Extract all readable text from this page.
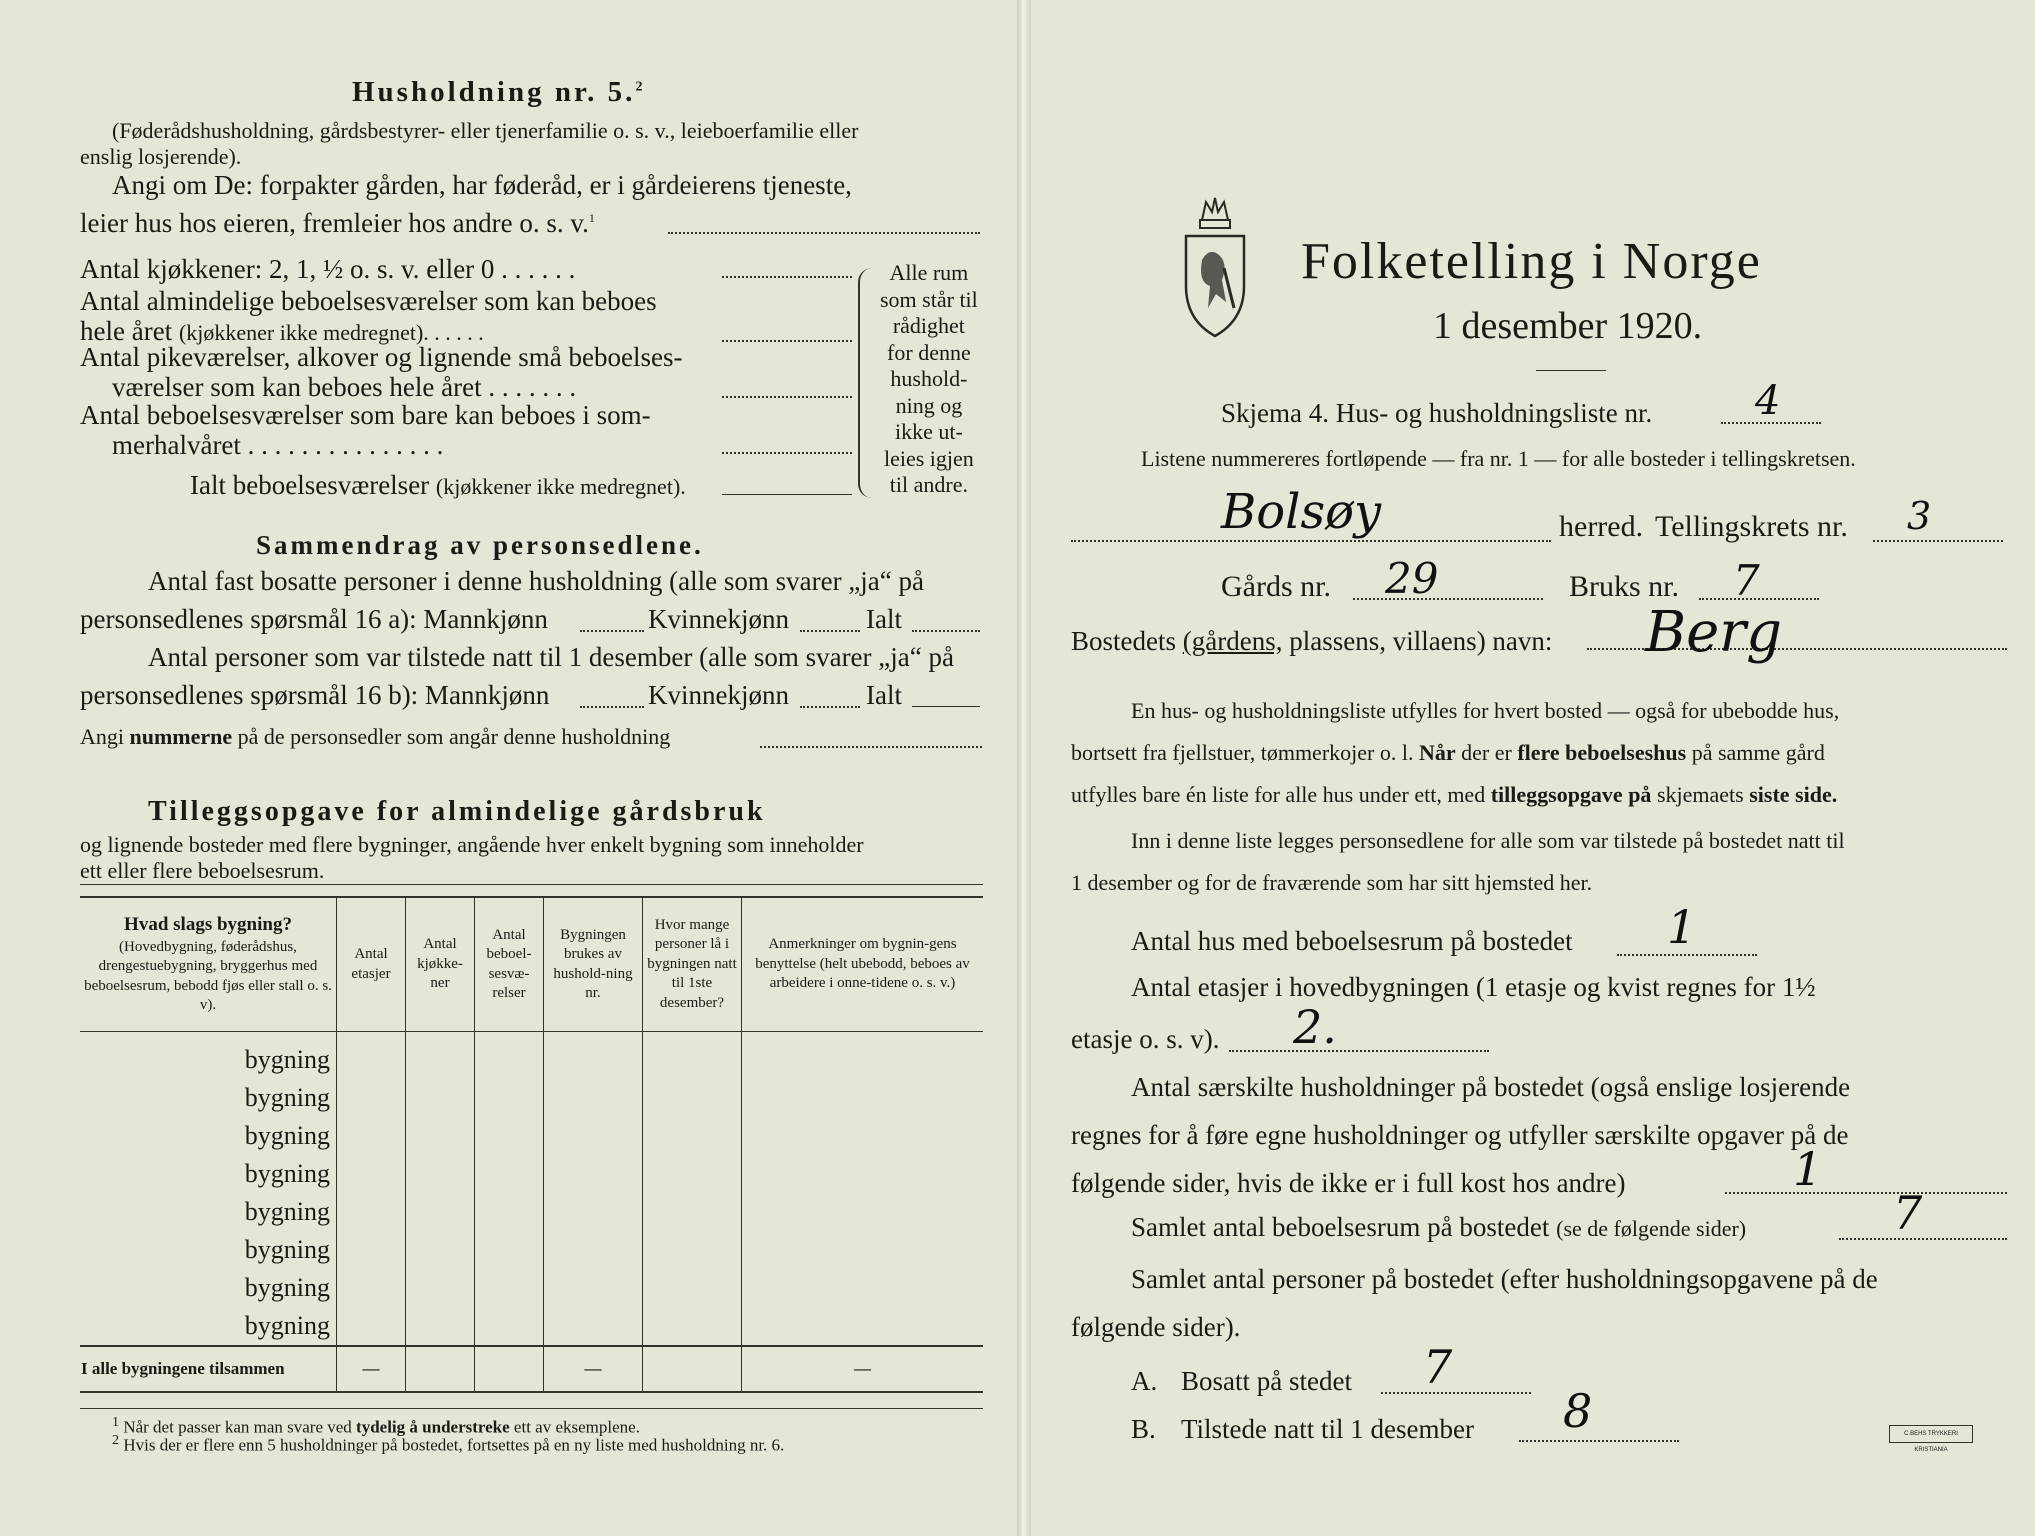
Husholdning nr. 5.$^2$
(Føderådshusholdning, gårdsbestyrer- eller tjenerfamilie o. s. v., leieboerfamilie eller
enslig losjerende).
Angi om De: forpakter gården, har føderåd, er i gårdeierens tjeneste,
leier hus hos eieren, fremleier hos andre o. s. v.$^1$
Antal kjøkkener: 2, 1, ½ o. s. v. eller 0 . . . . . .
Antal almindelige beboelsesværelser som kan beboes
hele året (kjøkkener ikke medregnet). . . . . .
Antal pikeværelser, alkover og lignende små beboelses-
værelser som kan beboes hele året . . . . . . .
Antal beboelsesværelser som bare kan beboes i som-
merhalvåret . . . . . . . . . . . . . . .
Ialt beboelsesværelser (kjøkkener ikke medregnet).
Alle rum
som står til
rådighet
for denne
hushold-
ning og
ikke ut-
leies igjen
til andre.
Sammendrag av personsedlene.
Antal fast bosatte personer i denne husholdning (alle som svarer „ja“ på
personsedlenes spørsmål 16 a): Mannkjønn	Kvinnekjønn	Ialt
Antal personer som var tilstede natt til 1 desember (alle som svarer „ja“ på
personsedlenes spørsmål 16 b): Mannkjønn	Kvinnekjønn	Ialt
Angi nummerne på de personsedler som angår denne husholdning
Tilleggsopgave for almindelige gårdsbruk
og lignende bosteder med flere bygninger, angående hver enkelt bygning som inneholder
ett eller flere beboelsesrum.
Hvad slags bygning?
(Hovedbygning, føderådshus, drengestuebygning, bryggerhus med beboelsesrum, bebodd fjøs eller stall o. s. v).	Antal etasjer	Antal kjøkke-ner	Antal beboel-sesvæ-relser	Bygningen brukes av hushold-ning nr.	Hvor mange personer lå i bygningen natt til 1ste desember?	Anmerkninger om bygnin-gens benyttelse (helt ubebodd, beboes av arbeidere i onne-tidene o. s. v.)
bygning						
bygning						
bygning						
bygning						
bygning						
bygning						
bygning						
bygning						
I alle bygningene tilsammen	—			—		—
$^1$ Når det passer kan man svare ved tydelig å understreke ett av eksemplene.
$^2$ Hvis der er flere enn 5 husholdninger på bostedet, fortsettes på en ny liste med husholdning nr. 6.
Folketelling i Norge
1 desember 1920.
Skjema 4. Hus- og husholdningsliste nr.	4
Listene nummereres fortløpende — fra nr. 1 — for alle bosteder i tellingskretsen.
Bolsøy	herred. Tellingskrets nr. 3
Gårds nr. 29	Bruks nr. 7
Bostedets (gårdens, plassens, villaens) navn: Berg
En hus- og husholdningsliste utfylles for hvert bosted — også for ubebodde hus,
bortsett fra fjellstuer, tømmerkojer o. l. Når der er flere beboelseshus på samme gård
utfylles bare én liste for alle hus under ett, med tilleggsopgave på skjemaets siste side.
Inn i denne liste legges personsedlene for alle som var tilstede på bostedet natt til
1 desember og for de fraværende som har sitt hjemsted her.
Antal hus med beboelsesrum på bostedet 1
Antal etasjer i hovedbygningen (1 etasje og kvist regnes for 1½
etasje o. s. v). 2.
Antal særskilte husholdninger på bostedet (også enslige losjerende
regnes for å føre egne husholdninger og utfyller særskilte opgaver på de
følgende sider, hvis de ikke er i full kost hos andre)	1
Samlet antal beboelsesrum på bostedet (se de følgende sider)	7
Samlet antal personer på bostedet (efter husholdningsopgavene på de
følgende sider).
A. Bosatt på stedet 7
B. Tilstede natt til 1 desember 8	C.BEHS TRYKKERI KRISTIANIA
